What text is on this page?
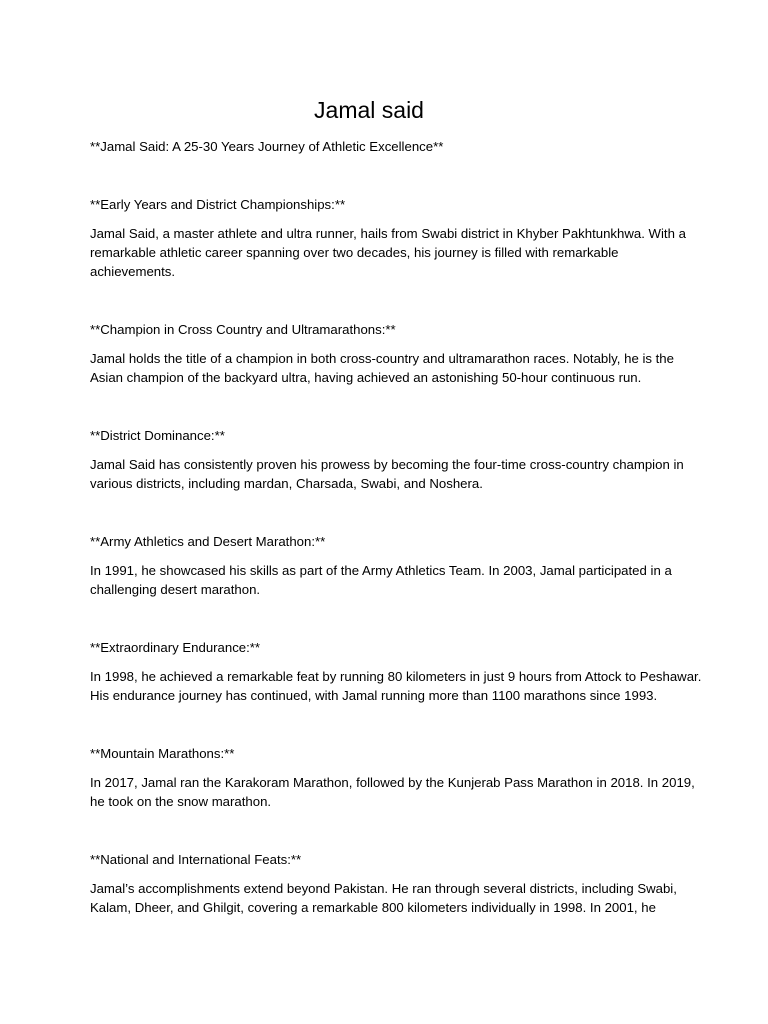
Jamal said
**Jamal Said: A 25-30 Years Journey of Athletic Excellence**
**Early Years and District Championships:**
Jamal Said, a master athlete and ultra runner, hails from Swabi district in Khyber Pakhtunkhwa. With a
remarkable athletic career spanning over two decades, his journey is filled with remarkable
achievements.
**Champion in Cross Country and Ultramarathons:**
Jamal holds the title of a champion in both cross-country and ultramarathon races. Notably, he is the
Asian champion of the backyard ultra, having achieved an astonishing 50-hour continuous run.
**District Dominance:**
Jamal Said has consistently proven his prowess by becoming the four-time cross-country champion in
various districts, including mardan, Charsada, Swabi, and Noshera.
**Army Athletics and Desert Marathon:**
In 1991, he showcased his skills as part of the Army Athletics Team. In 2003, Jamal participated in a
challenging desert marathon.
**Extraordinary Endurance:**
In 1998, he achieved a remarkable feat by running 80 kilometers in just 9 hours from Attock to Peshawar.
His endurance journey has continued, with Jamal running more than 1100 marathons since 1993.
**Mountain Marathons:**
In 2017, Jamal ran the Karakoram Marathon, followed by the Kunjerab Pass Marathon in 2018. In 2019,
he took on the snow marathon.
**National and International Feats:**
Jamal’s accomplishments extend beyond Pakistan. He ran through several districts, including Swabi,
Kalam, Dheer, and Ghilgit, covering a remarkable 800 kilometers individually in 1998. In 2001, he
